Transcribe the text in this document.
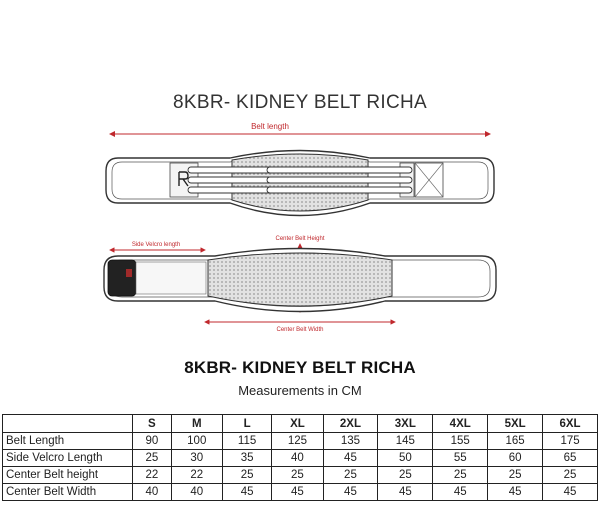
8KBR- KIDNEY BELT RICHA
Belt length
Center Belt Height
Side Velcro length
Center Belt Width
8KBR- KIDNEY BELT RICHA
Measurements in CM
	S	M	L	XL	2XL	3XL	4XL	5XL	6XL
Belt Length	90	100	115	125	135	145	155	165	175
Side Velcro Length	25	30	35	40	45	50	55	60	65
Center Belt height	22	22	25	25	25	25	25	25	25
Center Belt Width	40	40	45	45	45	45	45	45	45
